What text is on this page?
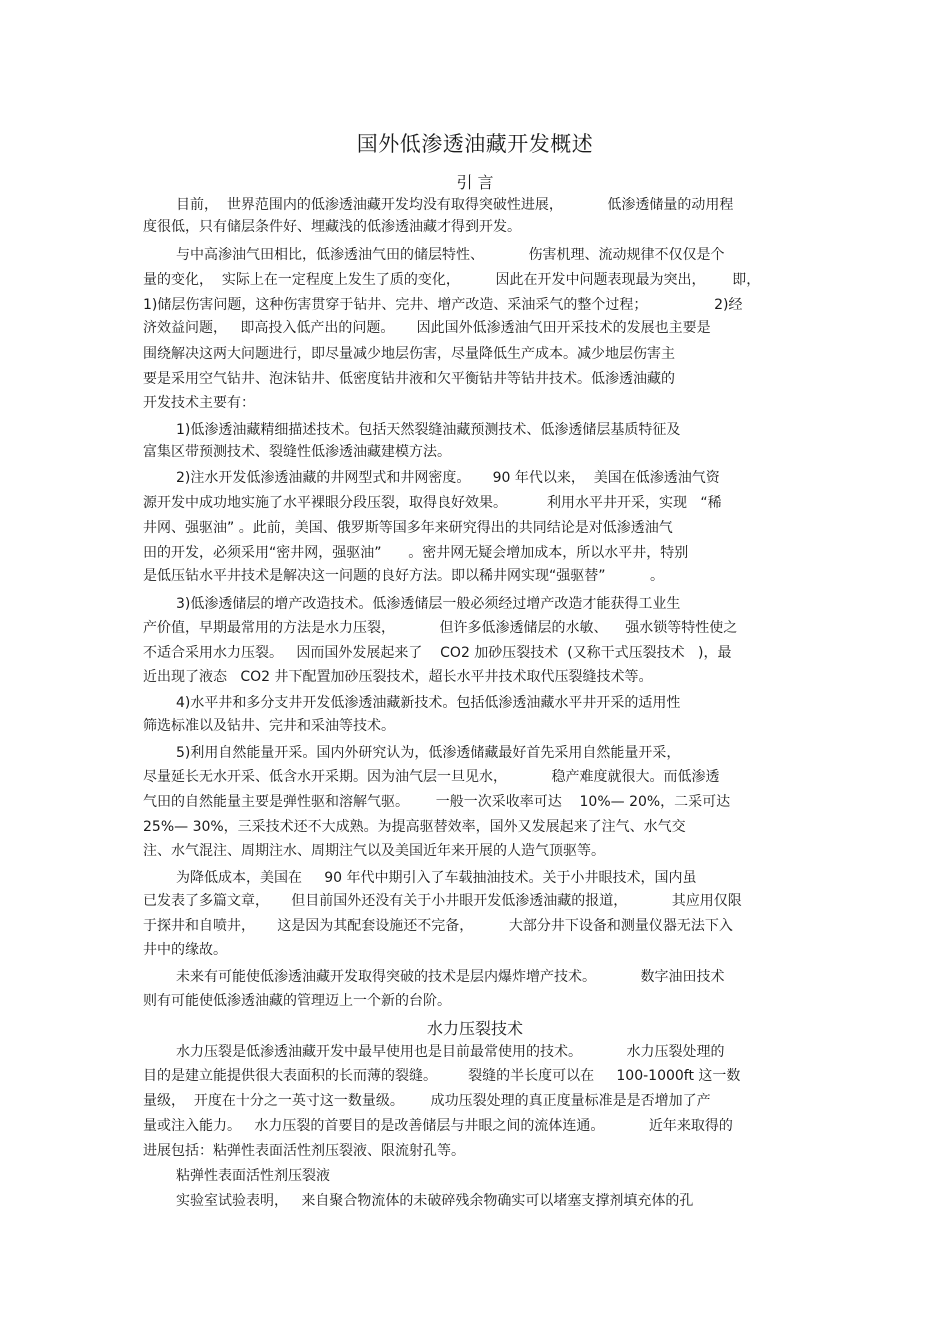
国外低渗透油藏开发概述
引 言
目前，  世界范围内的低渗透油藏开发均没有取得突破性进展，          低渗透储量的动用程
度很低，只有储层条件好、埋藏浅的低渗透油藏才得到开发。
与中高渗油气田相比，低渗透油气田的储层特性、          伤害机理、流动规律不仅仅是个
量的变化，  实际上在一定程度上发生了质的变化，        因此在开发中问题表现最为突出，      即，
1)储层伤害问题，这种伤害贯穿于钻井、完井、增产改造、采油采气的整个过程；               2)经
济效益问题，   即高投入低产出的问题。     因此国外低渗透油气田开采技术的发展也主要是
围绕解决这两大问题进行，即尽量减少地层伤害，尽量降低生产成本。减少地层伤害主
要是采用空气钻井、泡沫钻井、低密度钻井液和欠平衡钻井等钻井技术。低渗透油藏的
开发技术主要有：
1)低渗透油藏精细描述技术。包括天然裂缝油藏预测技术、低渗透储层基质特征及
富集区带预测技术、裂缝性低渗透油藏建模方法。
2)注水开发低渗透油藏的井网型式和井网密度。     90 年代以来，  美国在低渗透油气资
源开发中成功地实施了水平裸眼分段压裂，取得良好效果。         利用水平井开采，实现   “稀
井网、强驱油” 。此前，美国、俄罗斯等国多年来研究得出的共同结论是对低渗透油气
田的开发，必须采用“密井网，强驱油”      。密井网无疑会增加成本，所以水平井，特别
是低压钻水平井技术是解决这一问题的良好方法。即以稀井网实现“强驱替”          。
3)低渗透储层的增产改造技术。低渗透储层一般必须经过增产改造才能获得工业生
产价值，早期最常用的方法是水力压裂，          但许多低渗透储层的水敏、    强水锁等特性使之
不适合采用水力压裂。   因而国外发展起来了    CO2 加砂压裂技术  (又称干式压裂技术   )，最
近出现了液态   CO2 井下配置加砂压裂技术，超长水平井技术取代压裂缝技术等。
4)水平井和多分支井开发低渗透油藏新技术。包括低渗透油藏水平井开采的适用性
筛选标准以及钻井、完井和采油等技术。
5)利用自然能量开采。国内外研究认为，低渗透储藏最好首先采用自然能量开采，
尽量延长无水开采、低含水开采期。因为油气层一旦见水，          稳产难度就很大。而低渗透
气田的自然能量主要是弹性驱和溶解气驱。      一般一次采收率可达    10%— 20%，二采可达
25%— 30%，三采技术还不大成熟。为提高驱替效率，国外又发展起来了注气、水气交
注、水气混注、周期注水、周期注气以及美国近年来开展的人造气顶驱等。
为降低成本，美国在     90 年代中期引入了车载抽油技术。关于小井眼技术，国内虽
已发表了多篇文章，     但目前国外还没有关于小井眼开发低渗透油藏的报道，          其应用仅限
于探井和自喷井，     这是因为其配套设施还不完备，        大部分井下设备和测量仪器无法下入
井中的缘故。
未来有可能使低渗透油藏开发取得突破的技术是层内爆炸增产技术。          数字油田技术
则有可能使低渗透油藏的管理迈上一个新的台阶。
水力压裂技术
水力压裂是低渗透油藏开发中最早使用也是目前最常使用的技术。          水力压裂处理的
目的是建立能提供很大表面积的长而薄的裂缝。       裂缝的半长度可以在     100-1000ft 这一数
量级，  开度在十分之一英寸这一数量级。      成功压裂处理的真正度量标准是是否增加了产
量或注入能力。   水力压裂的首要目的是改善储层与井眼之间的流体连通。          近年来取得的
进展包括：粘弹性表面活性剂压裂液、限流射孔等。
粘弹性表面活性剂压裂液
实验室试验表明，   来自聚合物流体的未破碎残余物确实可以堵塞支撑剂填充体的孔
